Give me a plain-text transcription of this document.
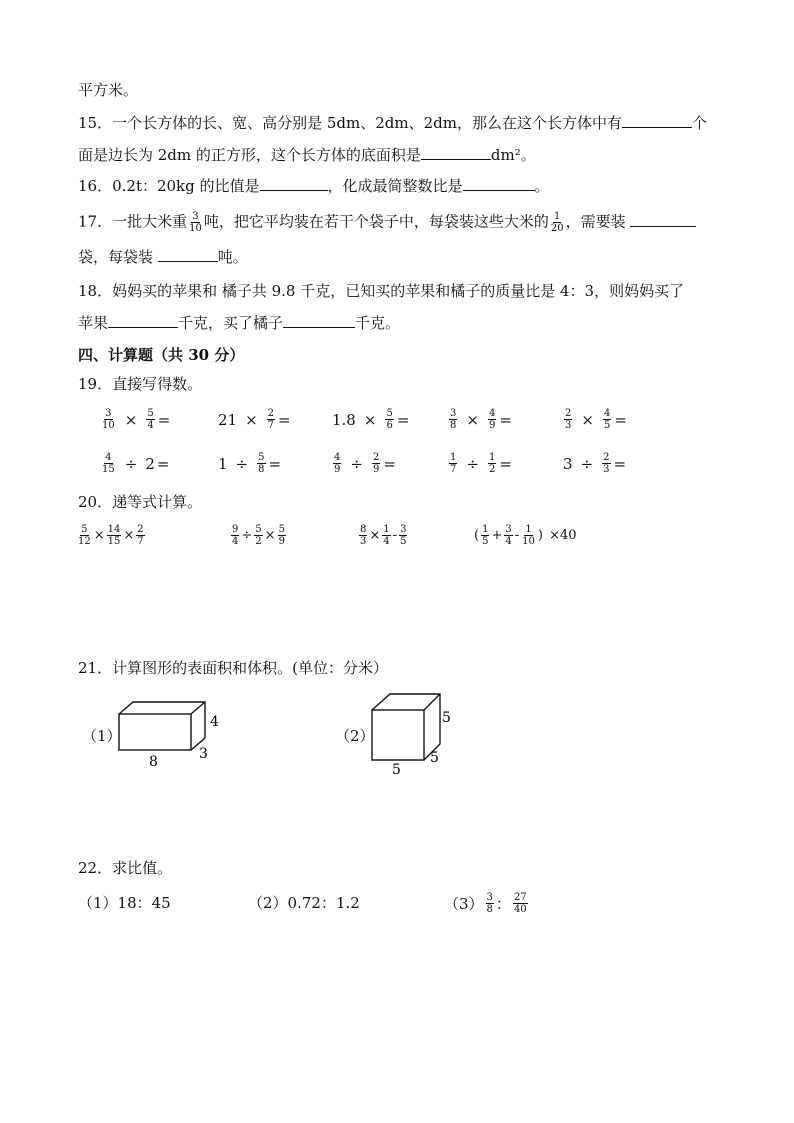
平方米。
15．一个长方体的长、宽、高分别是 5dm、2dm、2dm，那么在这个长方体中有	个
面是边长为 2dm 的正方形，这个长方体的底面积是	dm²。
16．0.2t：20kg 的比值是	，化成最简整数比是	。
17．一批大米重 $\frac{3}{10}$ 吨，把它平均装在若干个袋子中，每袋装这些大米的 $\frac{1}{20}$ ，需要装
袋，每袋装	吨。
18．妈妈买的苹果和 橘子共 9.8 千克，已知买的苹果和橘子的质量比是 4：3，则妈妈买了
苹果	千克，买了橘子	千克。
四、计算题（共 30 分）
19．直接写得数。
$\frac{3}{10} \times \frac{5}{4}$ =	$21 \times \frac{2}{7}$ =	$1.8 \times \frac{5}{6}$ =	$\frac{3}{8} \times \frac{4}{9}$ =	$\frac{2}{3} \times \frac{4}{5}$ =
$\frac{4}{15} \div 2$ =	$1 \div \frac{5}{8}$ =	$\frac{4}{9} \div \frac{2}{9}$ =	$\frac{1}{7} \div \frac{1}{2}$ =	$3 \div \frac{2}{3}$ =
20．递等式计算。
$\frac{5}{12} \times \frac{14}{15} \times \frac{2}{7}$	$\frac{9}{4} \div \frac{5}{2} \times \frac{5}{9}$	$\frac{8}{3} \times \frac{1}{4} - \frac{3}{5}$	( $\frac{1}{5} + \frac{3}{4} - \frac{1}{10}$ )
×40
21．计算图形的表面积和体积。(单位：分米）
（1）
4
3
8
（2）
5
5
5
22．求比值。
（1）18：45	（2）0.72：1.2	$(3) \frac{3}{8}$ ： $\frac{27}{40}$
